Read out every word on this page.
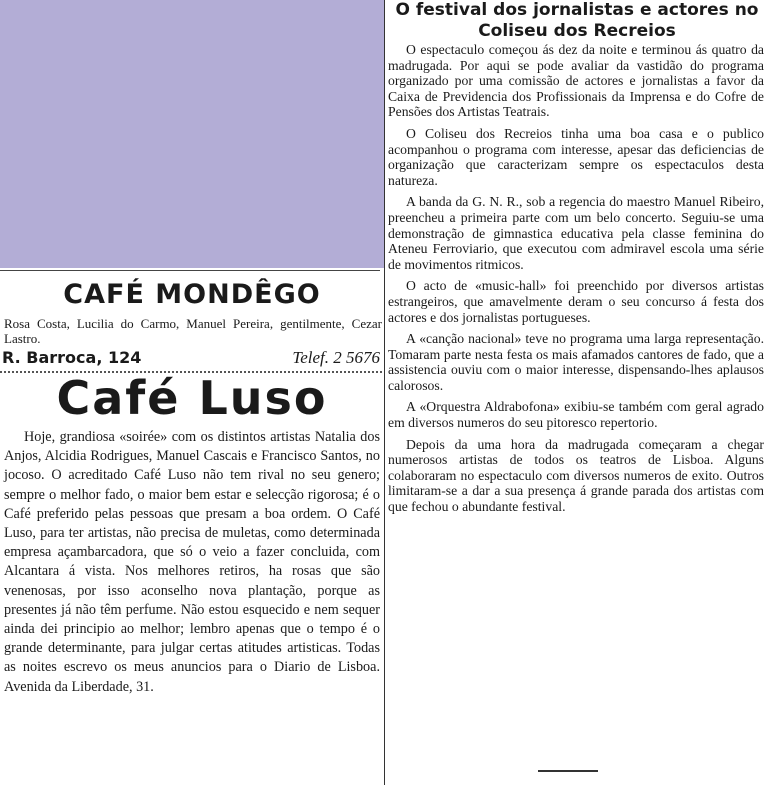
CAFÉ MONDÊGO
Rosa Costa, Lucilia do Carmo, Manuel Pereira, gentilmente, Cezar Lastro.
R. Barroca, 124	Telef. 2 5676
Café Luso

Hoje, grandiosa «soirée» com os distintos artistas Natalia dos Anjos, Alcidia Rodrigues, Manuel Cascais e Francisco Santos, no jocoso. O acreditado Café Luso não tem rival no seu genero; sempre o melhor fado, o maior bem estar e selecção rigorosa; é o Café preferido pelas pessoas que presam a boa ordem. O Café Luso, para ter artistas, não precisa de muletas, como determinada empresa açambarcadora, que só o veio a fazer concluida, com Alcantara á vista. Nos melhores retiros, ha rosas que são venenosas, por isso aconselho nova plantação, porque as presentes já não têm perfume. Não estou esquecido e nem sequer ainda dei principio ao melhor; lembro apenas que o tempo é o grande determinante, para julgar certas atitudes artisticas. Todas as noites escrevo os meus anuncios para o Diario de Lisboa. Avenida da Liberdade, 31.

O festival dos jornalistas e actores no Coliseu dos Recreios

O espectaculo começou ás dez da noite e terminou ás quatro da madrugada. Por aqui se pode avaliar da vastidão do programa organizado por uma comissão de actores e jornalistas a favor da Caixa de Previdencia dos Profissionais da Imprensa e do Cofre de Pensões dos Artistas Teatrais.

O Coliseu dos Recreios tinha uma boa casa e o publico acompanhou o programa com interesse, apesar das deficiencias de organização que caracterizam sempre os espectaculos desta natureza.

A banda da G. N. R., sob a regencia do maestro Manuel Ribeiro, preencheu a primeira parte com um belo concerto. Seguiu-se uma demonstração de gimnastica educativa pela classe feminina do Ateneu Ferroviario, que executou com admiravel escola uma série de movimentos ritmicos.

O acto de «music-hall» foi preenchido por diversos artistas estrangeiros, que amavelmente deram o seu concurso á festa dos actores e dos jornalistas portugueses.

A «canção nacional» teve no programa uma larga representação. Tomaram parte nesta festa os mais afamados cantores de fado, que a assistencia ouviu com o maior interesse, dispensando-lhes aplausos calorosos.

A «Orquestra Aldrabofona» exibiu-se também com geral agrado em diversos numeros do seu pitoresco repertorio.

Depois da uma hora da madrugada começaram a chegar numerosos artistas de todos os teatros de Lisboa. Alguns colaboraram no espectaculo com diversos numeros de exito. Outros limitaram-se a dar a sua presença á grande parada dos artistas com que fechou o abundante festival.
